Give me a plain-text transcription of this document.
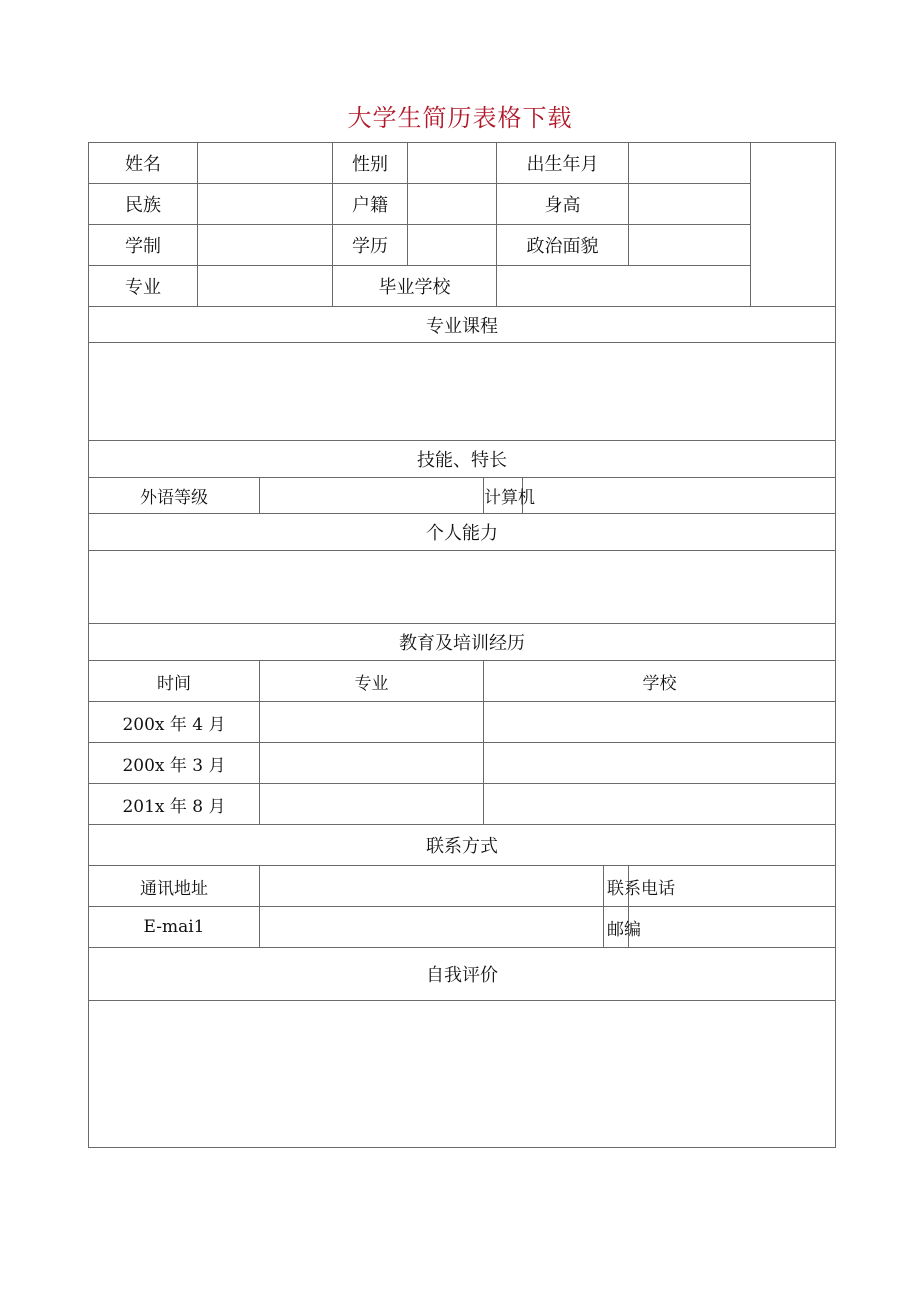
大学生简历表格下载
姓名			性别			出生年月				
民族			户籍			身高				
学制			学历			政治面貌				
专业			毕业学校							
专业课程										

技能、特长										
外语等级					计算机					
个人能力										

教育及培训经历										
时间		专业			学校					
200x 年 4 月										
200x 年 3 月										
201x 年 8 月										
联系方式										
通讯地址								联系电话		
E-mai1								邮编		
自我评价										
